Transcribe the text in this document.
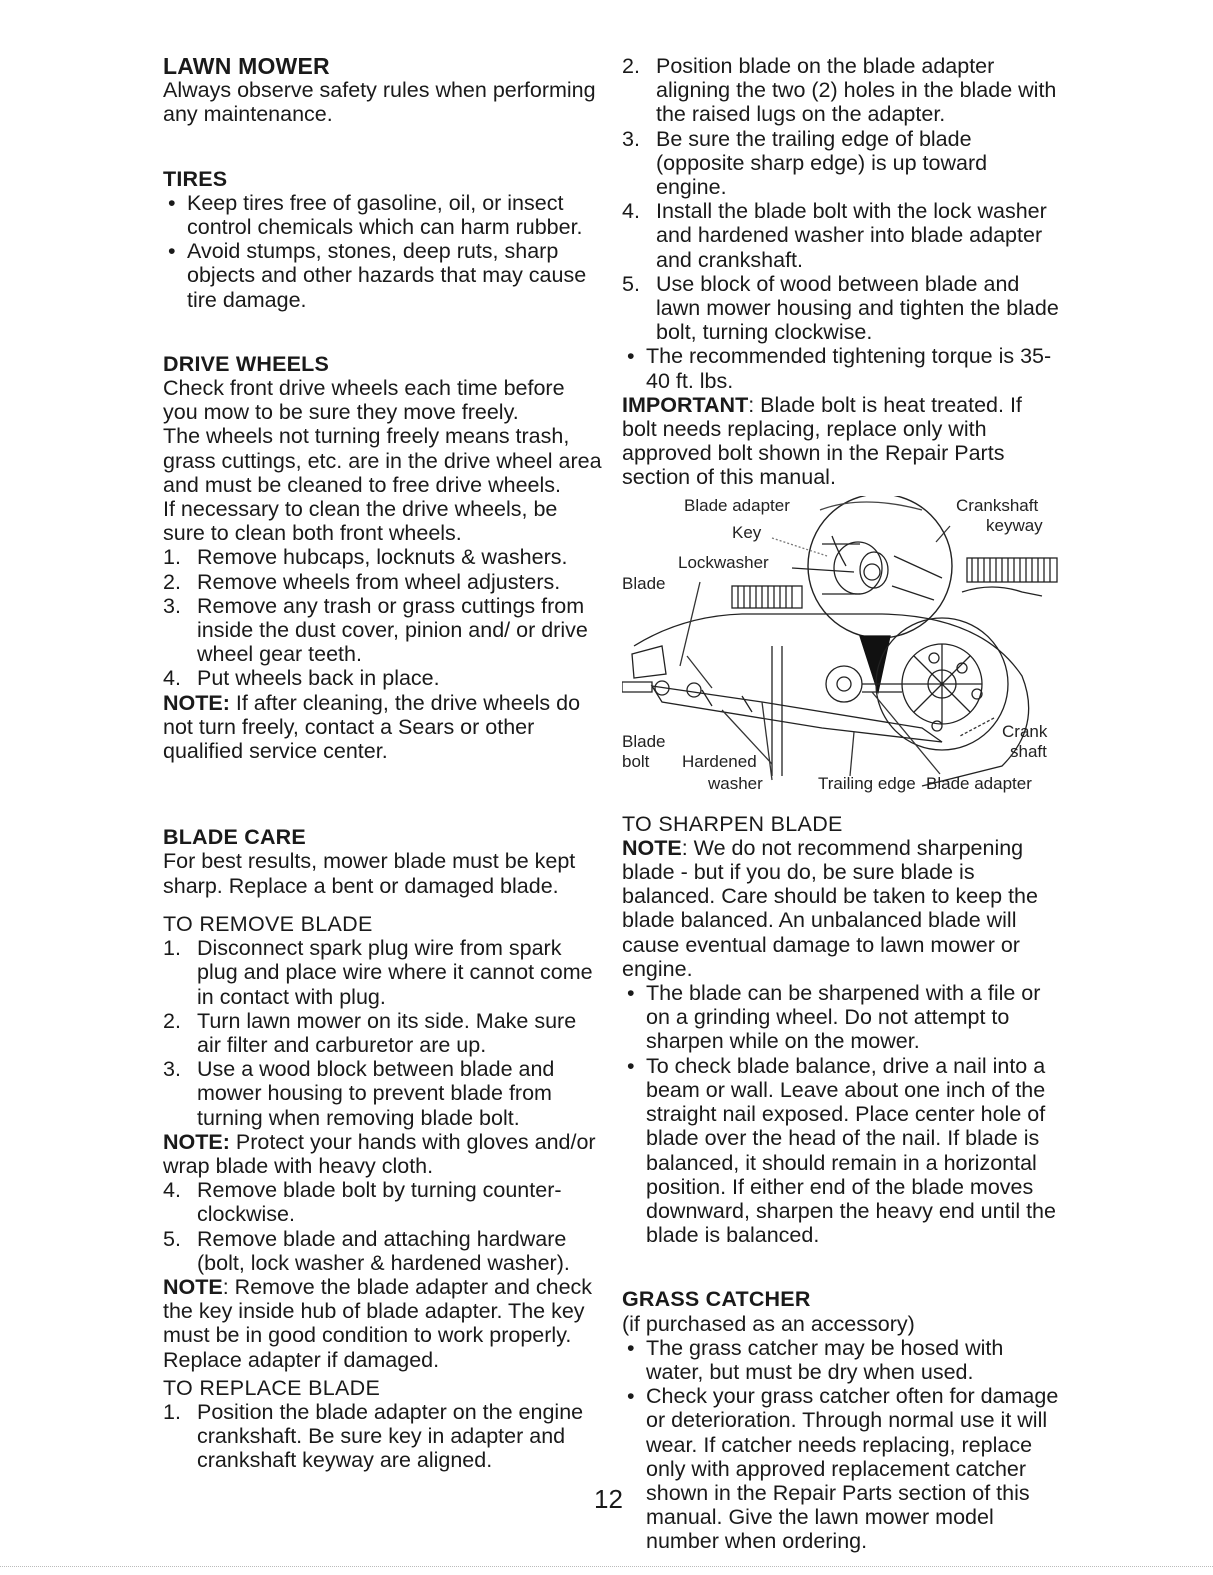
LAWN MOWER

Always observe safety rules when performing any maintenance.

TIRES
• Keep tires free of gasoline, oil, or insect control chemicals which can harm rubber.
• Avoid stumps, stones, deep ruts, sharp objects and other hazards that may cause tire damage.
DRIVE WHEELS

Check front drive wheels each time before you mow to be sure they move freely.

The wheels not turning freely means trash, grass cuttings, etc. are in the drive wheel area and must be cleaned to free drive wheels.

If necessary to clean the drive wheels, be sure to clean both front wheels.

1. Remove hubcaps, locknuts & washers.
2. Remove wheels from wheel adjusters.
3. Remove any trash or grass cuttings from inside the dust cover, pinion and/ or drive wheel gear teeth.
4. Put wheels back in place.

NOTE: If after cleaning, the drive wheels do not turn freely, contact a Sears or other qualified service center.

BLADE CARE

For best results, mower blade must be kept sharp. Replace a bent or damaged blade.

TO REMOVE BLADE

1. Disconnect spark plug wire from spark plug and place wire where it cannot come in contact with plug.
2. Turn lawn mower on its side. Make sure air filter and carburetor are up.
3. Use a wood block between blade and mower housing to prevent blade from turning when removing blade bolt.

NOTE: Protect your hands with gloves and/or wrap blade with heavy cloth.

4. Remove blade bolt by turning counter-clockwise.
5. Remove blade and attaching hardware (bolt, lock washer & hardened washer).

NOTE: Remove the blade adapter and check the key inside hub of blade adapter. The key must be in good condition to work properly. Replace adapter if damaged.

TO REPLACE BLADE

1. Position the blade adapter on the engine crankshaft. Be sure key in adapter and crankshaft keyway are aligned.
2. Position blade on the blade adapter aligning the two (2) holes in the blade with the raised lugs on the adapter.
3. Be sure the trailing edge of blade (opposite sharp edge) is up toward engine.
4. Install the blade bolt with the lock washer and hardened washer into blade adapter and crankshaft.
5. Use block of wood between blade and lawn mower housing and tighten the blade bolt, turning clockwise.
• The recommended tightening torque is 35-40 ft. lbs.

IMPORTANT: Blade bolt is heat treated. If bolt needs replacing, replace only with approved bolt shown in the Repair Parts section of this manual.

Blade adapter	Crankshaft
keyway
Key
Lockwasher
Blade
Blade
bolt Hardened
washer	Trailing edge Blade adapter
Crank
shaft

TO SHARPEN BLADE

NOTE: We do not recommend sharpening blade - but if you do, be sure blade is balanced. Care should be taken to keep the blade balanced. An unbalanced blade will cause eventual damage to lawn mower or engine.

• The blade can be sharpened with a file or on a grinding wheel. Do not attempt to sharpen while on the mower.
• To check blade balance, drive a nail into a beam or wall. Leave about one inch of the straight nail exposed. Place center hole of blade over the head of the nail. If blade is balanced, it should remain in a horizontal position. If either end of the blade moves downward, sharpen the heavy end until the blade is balanced.
GRASS CATCHER

(if purchased as an accessory)

• The grass catcher may be hosed with water, but must be dry when used.
• Check your grass catcher often for damage or deterioration. Through normal use it will wear. If catcher needs replacing, replace only with approved replacement catcher shown in the Repair Parts section of this manual. Give the lawn mower model number when ordering.
12
